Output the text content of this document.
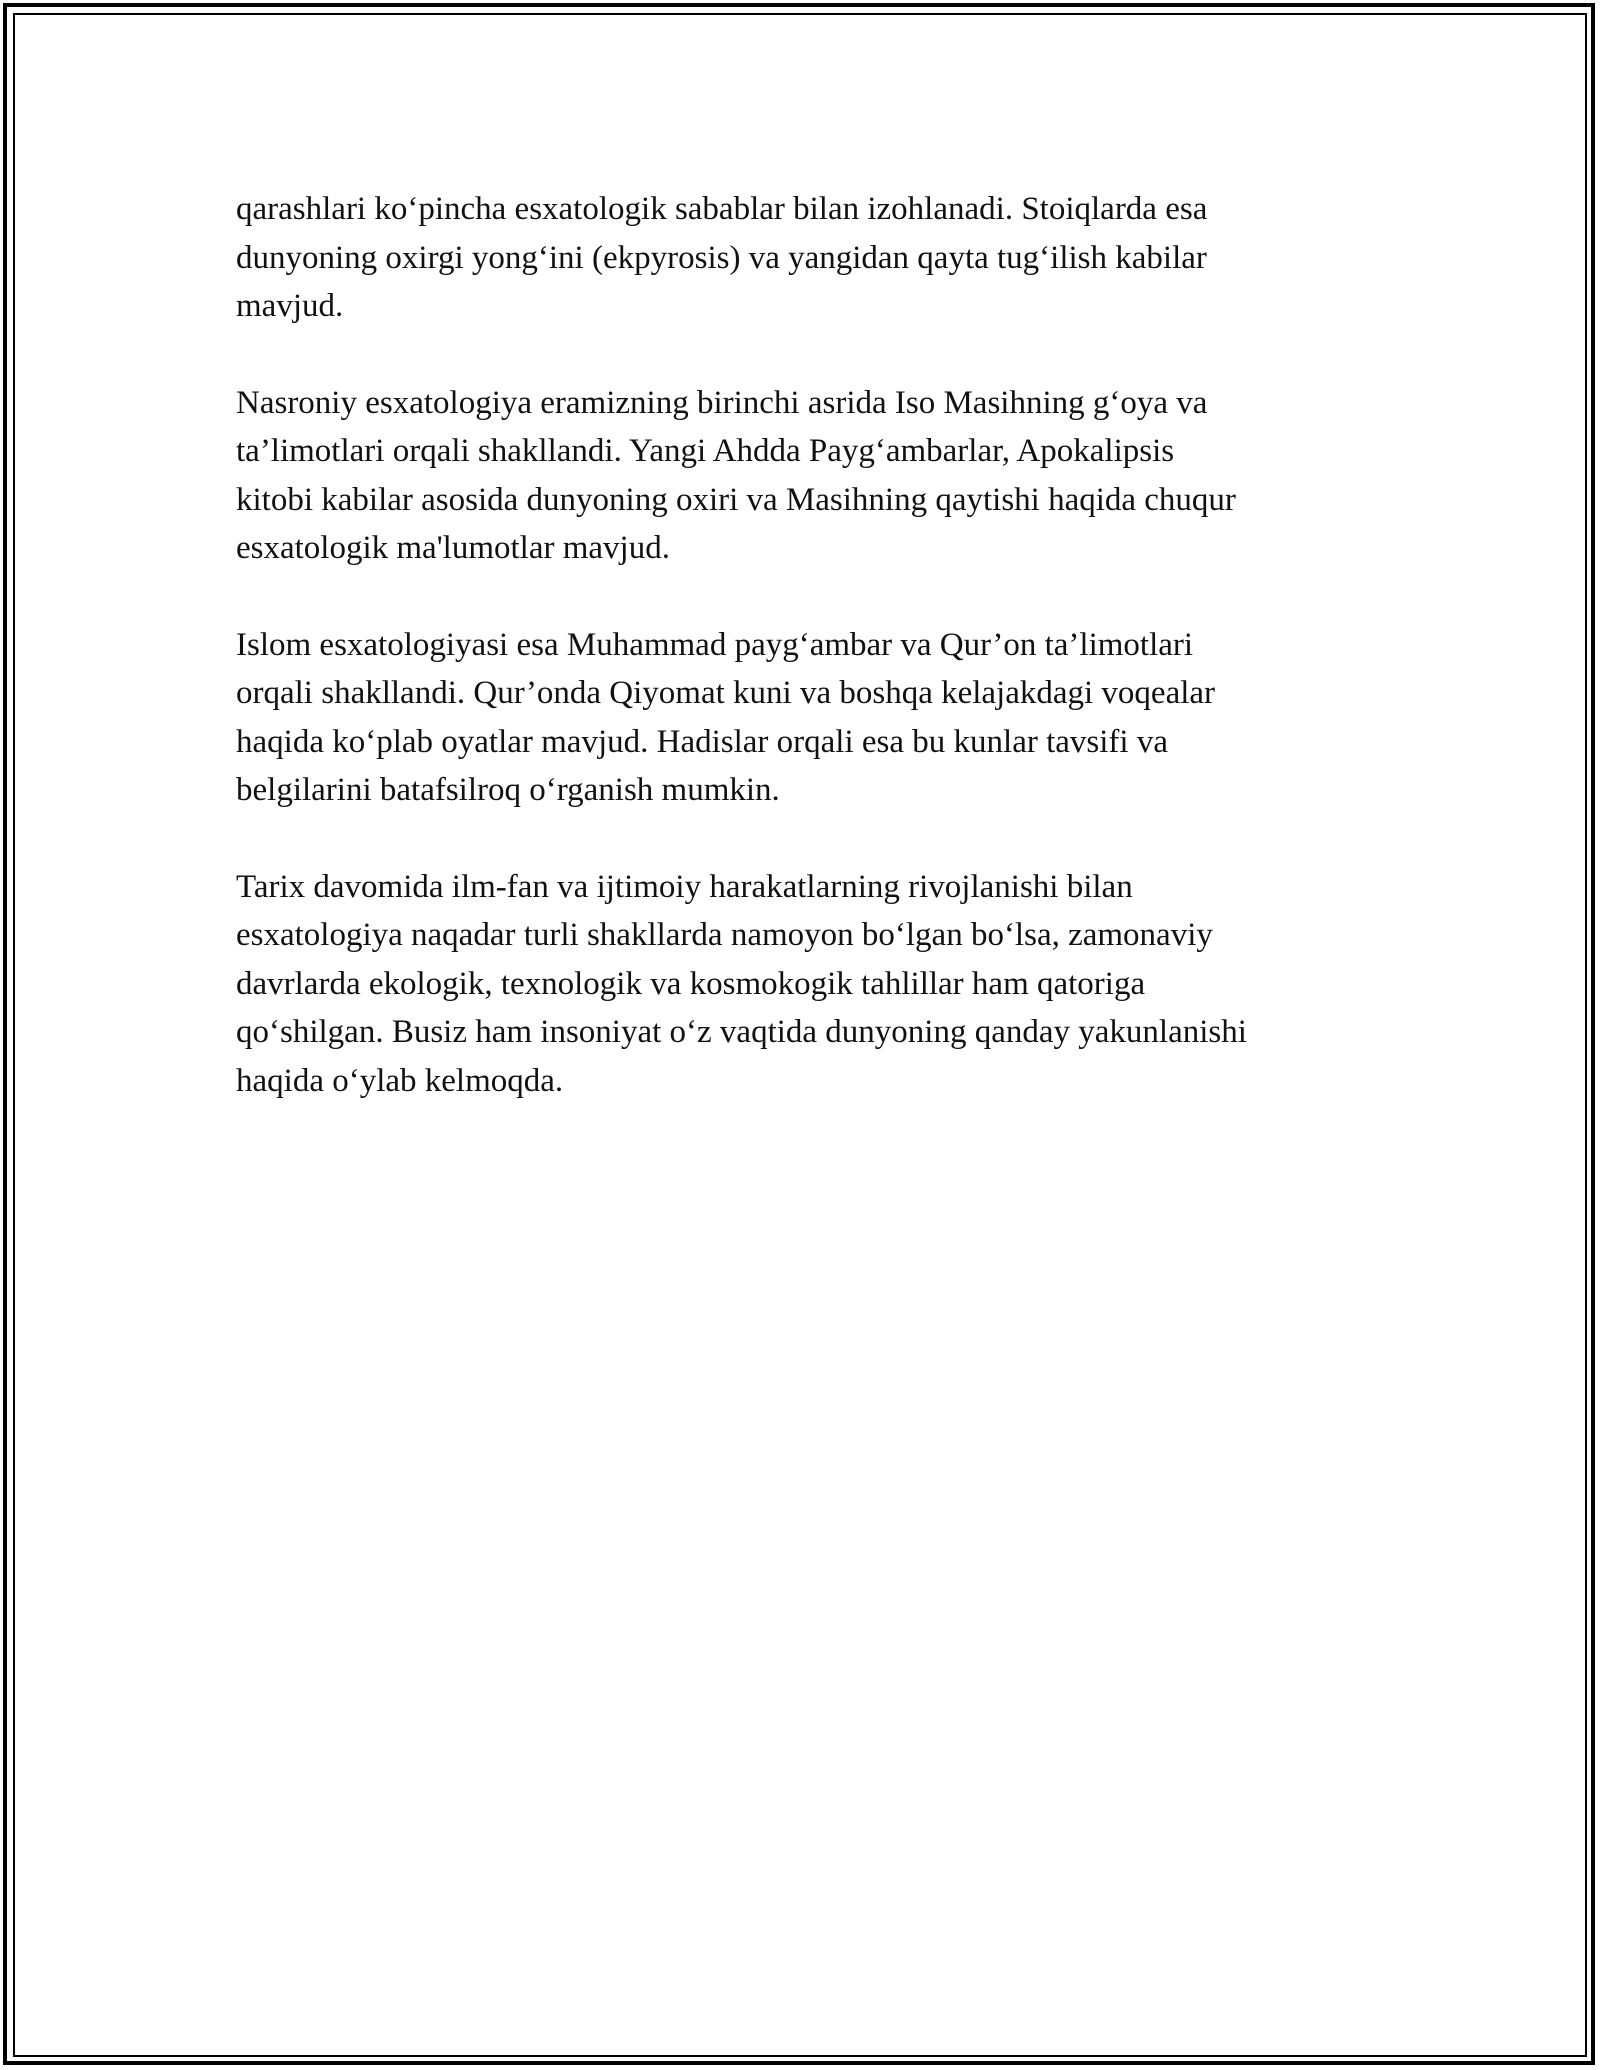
qarashlari ko‘pincha esxatologik sabablar bilan izohlanadi. Stoiqlarda esa
dunyoning oxirgi yong‘ini (ekpyrosis) va yangidan qayta tug‘ilish kabilar
mavjud.

Nasroniy esxatologiya eramizning birinchi asrida Iso Masihning g‘oya va
ta’limotlari orqali shakllandi. Yangi Ahdda Payg‘ambarlar, Apokalipsis
kitobi kabilar asosida dunyoning oxiri va Masihning qaytishi haqida chuqur
esxatologik ma'lumotlar mavjud.

Islom esxatologiyasi esa Muhammad payg‘ambar va Qur’on ta’limotlari
orqali shakllandi. Qur’onda Qiyomat kuni va boshqa kelajakdagi voqealar
haqida ko‘plab oyatlar mavjud. Hadislar orqali esa bu kunlar tavsifi va
belgilarini batafsilroq o‘rganish mumkin.

Tarix davomida ilm-fan va ijtimoiy harakatlarning rivojlanishi bilan
esxatologiya naqadar turli shakllarda namoyon bo‘lgan bo‘lsa, zamonaviy
davrlarda ekologik, texnologik va kosmokogik tahlillar ham qatoriga
qo‘shilgan. Busiz ham insoniyat o‘z vaqtida dunyoning qanday yakunlanishi
haqida o‘ylab kelmoqda.
